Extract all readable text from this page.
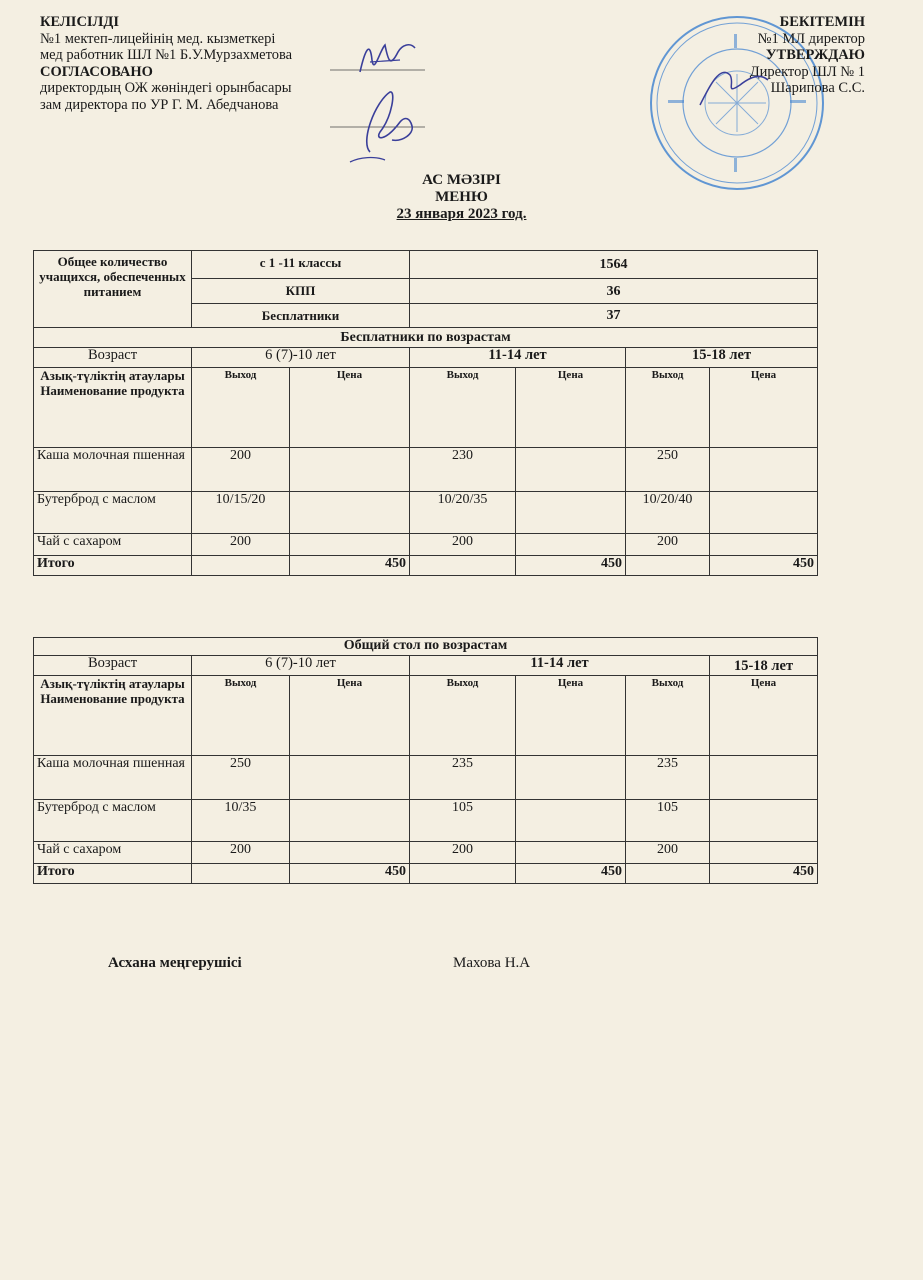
КЕЛІСІЛДІ
№1 мектеп-лицейінің мед. кызметкері
мед работник ШЛ №1 Б.У.Мурзахметова
СОГЛАСОВАНО
директордың ОЖ жөніндегі орынбасары
зам директора по УР Г. М. Абедчанова
БЕКІТЕМІН
№1 МЛ директор
УТВЕРЖДАЮ
Директор ШЛ № 1
Шарипова С.С.
АС МӘЗІРІ
МЕНЮ
23 января 2023 год.
Общее количество учащихся, обеспеченных питанием	с 1 -11 классы		1564			
	КПП		36			
	Бесплатники		37			
Бесплатники по возрастам						
Возраст	6 (7)-10 лет		11-14 лет		15-18 лет	
Азық-түліктің атаулары Наименование продукта	Выход	Цена	Выход	Цена	Выход	Цена
Каша молочная пшенная	200		230		250	
Бутерброд с маслом	10/15/20		10/20/35		10/20/40	
Чай с сахаром	200		200		200	
Итого		450		450		450
Общий стол по возрастам						
Возраст	6 (7)-10 лет		11-14 лет			15-18 лет
Азық-түліктің атаулары Наименование продукта	Выход	Цена	Выход	Цена	Выход	Цена
Каша молочная пшенная	250		235		235	
Бутерброд с маслом	10/35		105		105	
Чай с сахаром	200		200		200	
Итого		450		450		450
Асхана меңгерушісі	Махова Н.А
